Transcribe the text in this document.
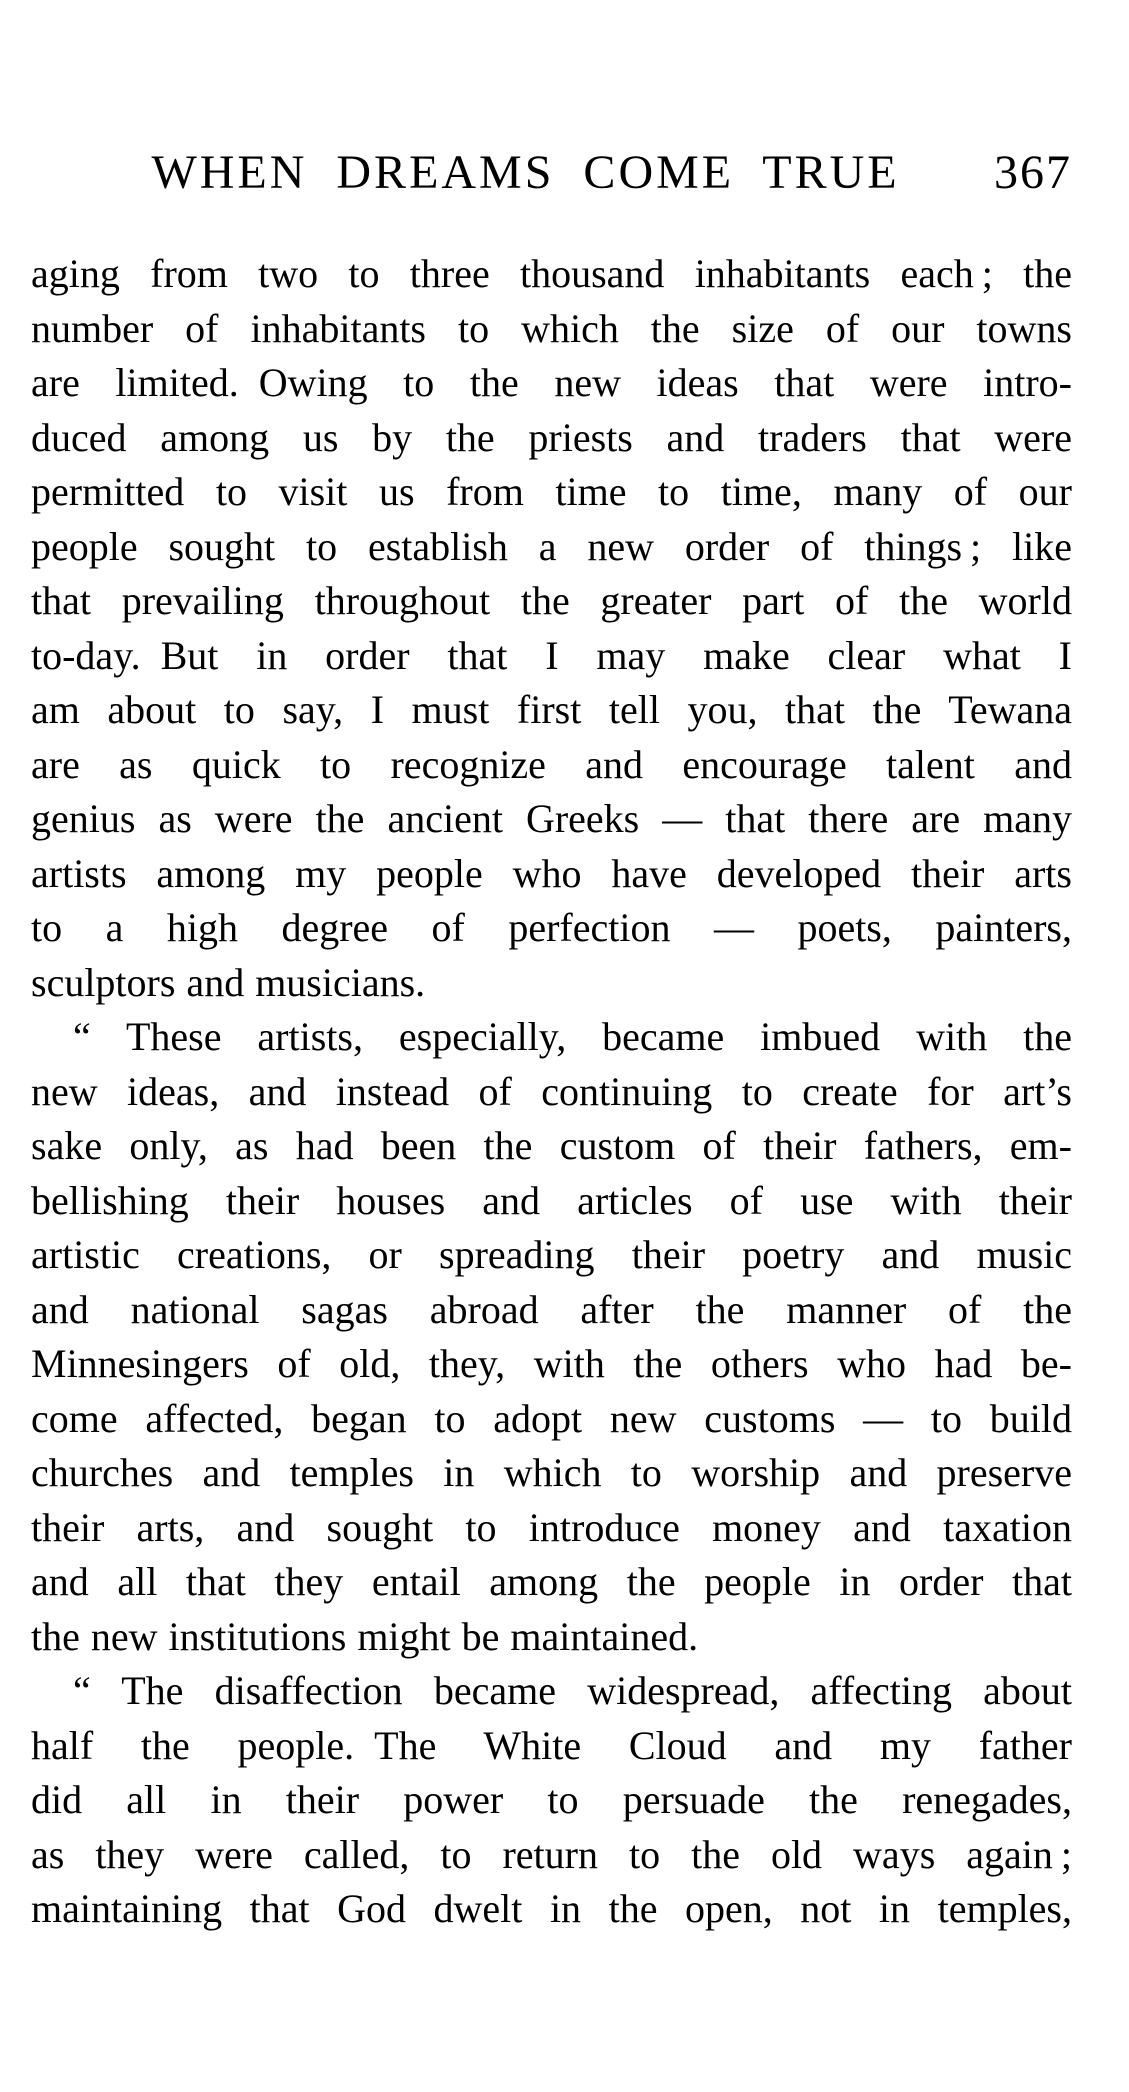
WHEN DREAMS COME TRUE	367
aging from two to three thousand inhabitants each ; the
number of inhabitants to which the size of our towns
are limited. Owing to the new ideas that were intro-
duced among us by the priests and traders that were
permitted to visit us from time to time, many of our
people sought to establish a new order of things ; like
that prevailing throughout the greater part of the world
to-day. But in order that I may make clear what I
am about to say, I must first tell you, that the Tewana
are as quick to recognize and encourage talent and
genius as were the ancient Greeks — that there are many
artists among my people who have developed their arts
to a high degree of perfection — poets, painters,
sculptors and musicians.
“ These artists, especially, became imbued with the
new ideas, and instead of continuing to create for art’s
sake only, as had been the custom of their fathers, em-
bellishing their houses and articles of use with their
artistic creations, or spreading their poetry and music
and national sagas abroad after the manner of the
Minnesingers of old, they, with the others who had be-
come affected, began to adopt new customs — to build
churches and temples in which to worship and preserve
their arts, and sought to introduce money and taxation
and all that they entail among the people in order that
the new institutions might be maintained.
“ The disaffection became widespread, affecting about
half the people. The White Cloud and my father
did all in their power to persuade the renegades,
as they were called, to return to the old ways again ;
maintaining that God dwelt in the open, not in temples,
